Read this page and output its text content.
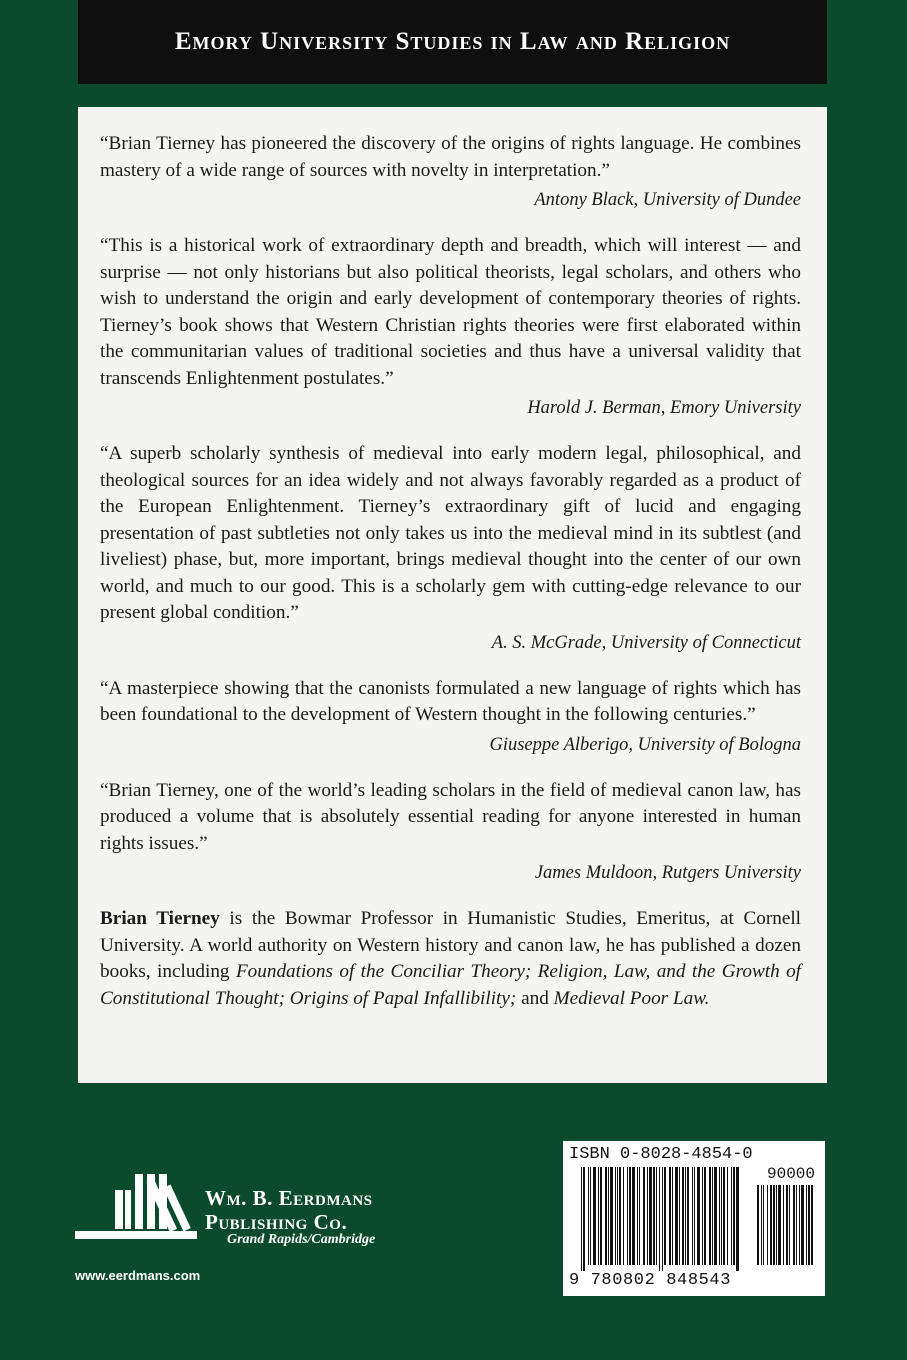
Emory University Studies in Law and Religion

“Brian Tierney has pioneered the discovery of the origins of rights language. He combines mastery of a wide range of sources with novelty in interpretation.”

Antony Black, University of Dundee

“This is a historical work of extraordinary depth and breadth, which will interest — and surprise — not only historians but also political theorists, legal scholars, and others who wish to understand the origin and early development of contemporary theories of rights. Tierney’s book shows that Western Christian rights theories were first elaborated within the communitarian values of traditional societies and thus have a universal validity that transcends Enlightenment postulates.”

Harold J. Berman, Emory University

“A superb scholarly synthesis of medieval into early modern legal, philosophical, and theological sources for an idea widely and not always favorably regarded as a product of the European Enlightenment. Tierney’s extraordinary gift of lucid and engaging presentation of past subtleties not only takes us into the medieval mind in its subtlest (and liveliest) phase, but, more important, brings medieval thought into the center of our own world, and much to our good. This is a scholarly gem with cutting-edge relevance to our present global condition.”

A. S. McGrade, University of Connecticut

“A masterpiece showing that the canonists formulated a new language of rights which has been foundational to the development of Western thought in the following centuries.”

Giuseppe Alberigo, University of Bologna

“Brian Tierney, one of the world’s leading scholars in the field of medieval canon law, has produced a volume that is absolutely essential reading for anyone interested in human rights issues.”

James Muldoon, Rutgers University

Brian Tierney is the Bowmar Professor in Humanistic Studies, Emeritus, at Cornell University. A world authority on Western history and canon law, he has published a dozen books, including Foundations of the Conciliar Theory; Religion, Law, and the Growth of Constitutional Thought; Origins of Papal Infallibility; and Medieval Poor Law.

Wm. B. Eerdmans
Publishing Co.
Grand Rapids/Cambridge
www.eerdmans.com
ISBN 0-8028-4854-0
90000
9 780802 848543
